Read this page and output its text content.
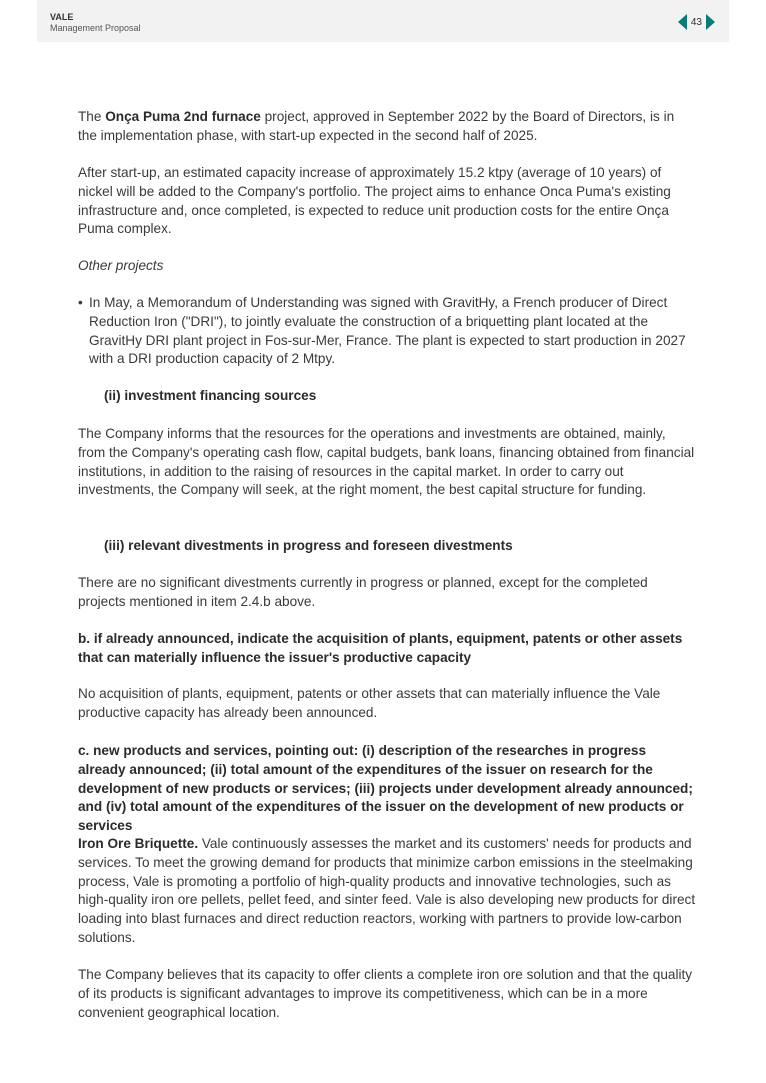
VALE
Management Proposal
43

The Onça Puma 2nd furnace project, approved in September 2022 by the Board of Directors, is in the implementation phase, with start-up expected in the second half of 2025.

After start-up, an estimated capacity increase of approximately 15.2 ktpy (average of 10 years) of nickel will be added to the Company's portfolio. The project aims to enhance Onca Puma's existing infrastructure and, once completed, is expected to reduce unit production costs for the entire Onça Puma complex.

Other projects

• In May, a Memorandum of Understanding was signed with GravitHy, a French producer of Direct Reduction Iron ("DRI"), to jointly evaluate the construction of a briquetting plant located at the GravitHy DRI plant project in Fos-sur-Mer, France. The plant is expected to start production in 2027 with a DRI production capacity of 2 Mtpy.

(ii) investment financing sources

The Company informs that the resources for the operations and investments are obtained, mainly, from the Company's operating cash flow, capital budgets, bank loans, financing obtained from financial institutions, in addition to the raising of resources in the capital market. In order to carry out investments, the Company will seek, at the right moment, the best capital structure for funding.

(iii) relevant divestments in progress and foreseen divestments

There are no significant divestments currently in progress or planned, except for the completed projects mentioned in item 2.4.b above.

b. if already announced, indicate the acquisition of plants, equipment, patents or other assets that can materially influence the issuer's productive capacity

No acquisition of plants, equipment, patents or other assets that can materially influence the Vale productive capacity has already been announced.

c. new products and services, pointing out: (i) description of the researches in progress already announced; (ii) total amount of the expenditures of the issuer on research for the development of new products or services; (iii) projects under development already announced; and (iv) total amount of the expenditures of the issuer on the development of new products or services

Iron Ore Briquette. Vale continuously assesses the market and its customers' needs for products and services. To meet the growing demand for products that minimize carbon emissions in the steelmaking process, Vale is promoting a portfolio of high-quality products and innovative technologies, such as high-quality iron ore pellets, pellet feed, and sinter feed. Vale is also developing new products for direct loading into blast furnaces and direct reduction reactors, working with partners to provide low-carbon solutions.

The Company believes that its capacity to offer clients a complete iron ore solution and that the quality of its products is significant advantages to improve its competitiveness, which can be in a more convenient geographical location.
